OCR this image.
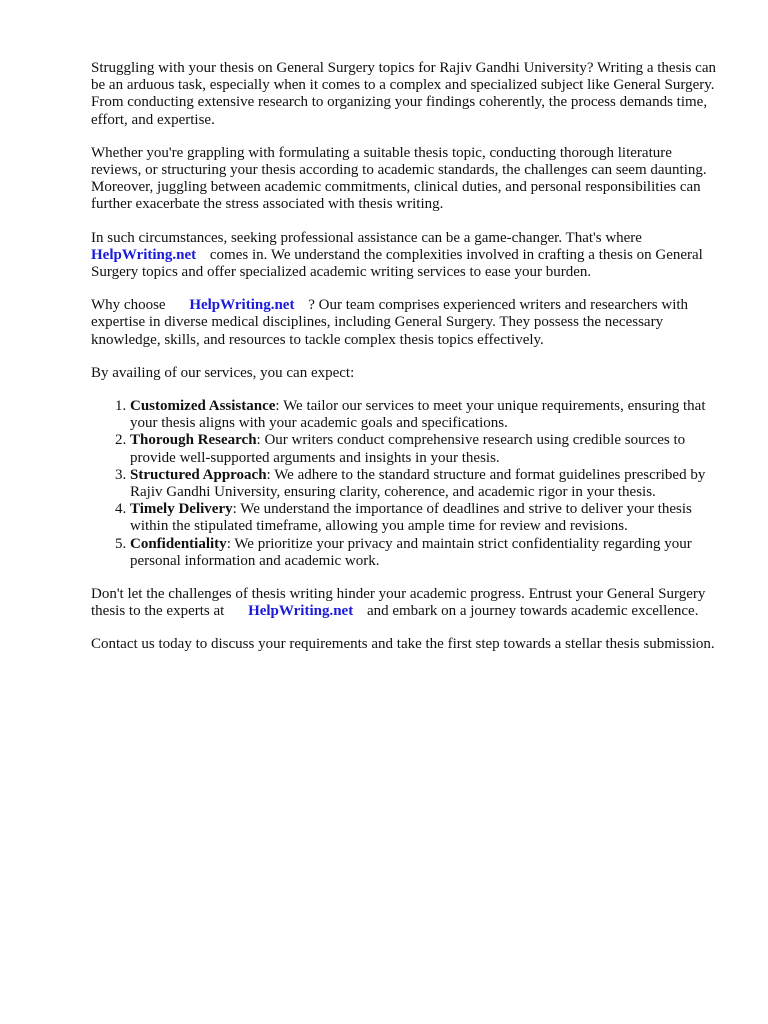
Struggling with your thesis on General Surgery topics for Rajiv Gandhi University? Writing a thesis can be an arduous task, especially when it comes to a complex and specialized subject like General Surgery. From conducting extensive research to organizing your findings coherently, the process demands time, effort, and expertise.

Whether you're grappling with formulating a suitable thesis topic, conducting thorough literature reviews, or structuring your thesis according to academic standards, the challenges can seem daunting. Moreover, juggling between academic commitments, clinical duties, and personal responsibilities can further exacerbate the stress associated with thesis writing.

In such circumstances, seeking professional assistance can be a game-changer. That's where
HelpWriting.net comes in. We understand the complexities involved in crafting a thesis on General Surgery topics and offer specialized academic writing services to ease your burden.

Why choose HelpWriting.net ? Our team comprises experienced writers and researchers with expertise in diverse medical disciplines, including General Surgery. They possess the necessary knowledge, skills, and resources to tackle complex thesis topics effectively.

By availing of our services, you can expect:

1. Customized Assistance: We tailor our services to meet your unique requirements, ensuring that your thesis aligns with your academic goals and specifications.
2. Thorough Research: Our writers conduct comprehensive research using credible sources to provide well-supported arguments and insights in your thesis.
3. Structured Approach: We adhere to the standard structure and format guidelines prescribed by Rajiv Gandhi University, ensuring clarity, coherence, and academic rigor in your thesis.
4. Timely Delivery: We understand the importance of deadlines and strive to deliver your thesis within the stipulated timeframe, allowing you ample time for review and revisions.
5. Confidentiality: We prioritize your privacy and maintain strict confidentiality regarding your personal information and academic work.

Don't let the challenges of thesis writing hinder your academic progress. Entrust your General Surgery thesis to the experts at HelpWriting.net and embark on a journey towards academic excellence.

Contact us today to discuss your requirements and take the first step towards a stellar thesis submission.
